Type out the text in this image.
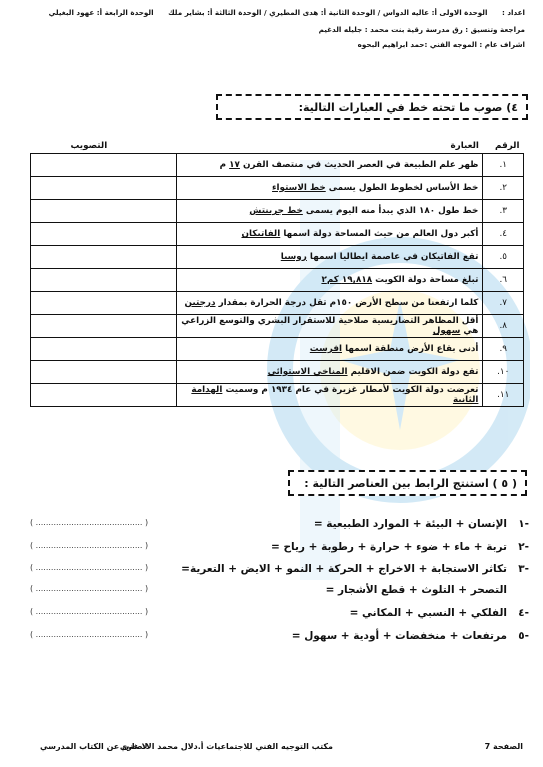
اعداد : الوحدة الاولى أ: عاليه الدواس / الوحدة الثانية أ: هدى المطيري / الوحدة الثالثة أ: بشاير ملك الوحدة الرابعة أ: عهود البغيلي
مراجعة وتنسيق : رق مدرسة رقية بنت محمد : جليله الدغيم
اشراف عام : الموجه الفني :حمد ابراهيم البحوه
٤) صوب ما تحته خط في العبارات التالية:
الرقم	العبارة	التصويب
١.	ظهر علم الطبيعة في العصر الحديث في منتصف القرن ١٧ م	
٢.	خط الأساس لخطوط الطول يسمى خط الاستواء	
٣.	خط طول ١٨٠ الذي يبدأ منه اليوم يسمى خط جرينتش	
٤.	أكبر دول العالم من حيث المساحة دولة اسمها الفاتيكان	
٥.	تقع الفاتيكان في عاصمة ايطاليا اسمها روسيا	
٦.	تبلغ مساحة دولة الكويت ١٩,٨١٨ كم٢	
٧.	كلما ارتفعنا من سطح الأرض ١٥٠م تقل درجة الحرارة بمقدار درجتين	
٨.	أقل المظاهر التضاريسية صلاحية للاستقرار البشري والتوسع الزراعي هي سهول	
٩.	أدنى بقاع الأرض منطقة اسمها افرست	
١٠.	تقع دولة الكويت ضمن الاقليم المناخي الاستوائي	
١١.	تعرضت دولة الكويت لأمطار غزيرة في عام ١٩٣٤ م وسميت الهدامة الثانية	
( ٥ ) استنتج الرابط بين العناصر التالية :
-١الإنسان + البيئة + الموارد الطبيعية =
( .......................................... )
-٢تربة + ماء + ضوء + حرارة + رطوبة + رياح =
( .......................................... )
-٣تكاثر الاستجابة + الاخراج + الحركة + النمو + الايض + التعرية=
( .......................................... )
التصحر + التلوث + قطع الأشجار =
( .......................................... )
-٤الفلكي + النسبي + المكاني =
( .......................................... )
-٥مرتفعات + منخفضات + أودية + سهول =
( .......................................... )
الصفحة 7
مكتب التوجيه الفني للاجتماعيات أ.دلال محمد الانصاري
لا غنى عن الكتاب المدرسي
